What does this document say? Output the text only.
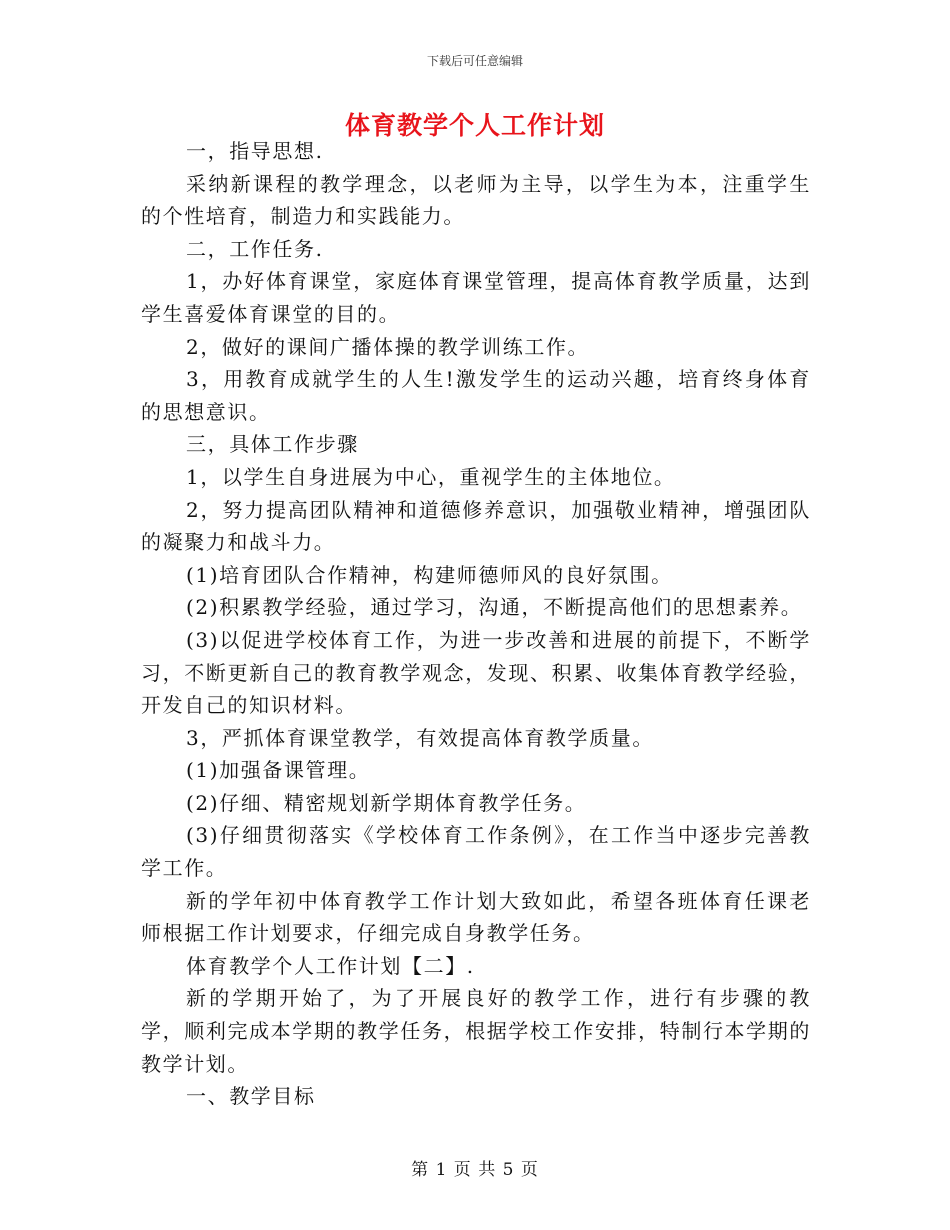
下载后可任意编辑
体育教学个人工作计划

一，指导思想.

采纳新课程的教学理念，以老师为主导，以学生为本，注重学生的个性培育，制造力和实践能力。

二，工作任务.

1，办好体育课堂，家庭体育课堂管理，提高体育教学质量，达到学生喜爱体育课堂的目的。

2，做好的课间广播体操的教学训练工作。

3，用教育成就学生的人生!激发学生的运动兴趣，培育终身体育的思想意识。

三，具体工作步骤

1，以学生自身进展为中心，重视学生的主体地位。

2，努力提高团队精神和道德修养意识，加强敬业精神，增强团队的凝聚力和战斗力。

(1)培育团队合作精神，构建师德师风的良好氛围。

(2)积累教学经验，通过学习，沟通，不断提高他们的思想素养。

(3)以促进学校体育工作，为进一步改善和进展的前提下，不断学习，不断更新自己的教育教学观念，发现、积累、收集体育教学经验，开发自己的知识材料。

3，严抓体育课堂教学，有效提高体育教学质量。

(1)加强备课管理。

(2)仔细、精密规划新学期体育教学任务。

(3)仔细贯彻落实《学校体育工作条例》，在工作当中逐步完善教学工作。

新的学年初中体育教学工作计划大致如此，希望各班体育任课老师根据工作计划要求，仔细完成自身教学任务。

体育教学个人工作计划【二】.

新的学期开始了，为了开展良好的教学工作，进行有步骤的教学，顺利完成本学期的教学任务，根据学校工作安排，特制行本学期的教学计划。

一、教学目标

第 1 页 共 5 页
